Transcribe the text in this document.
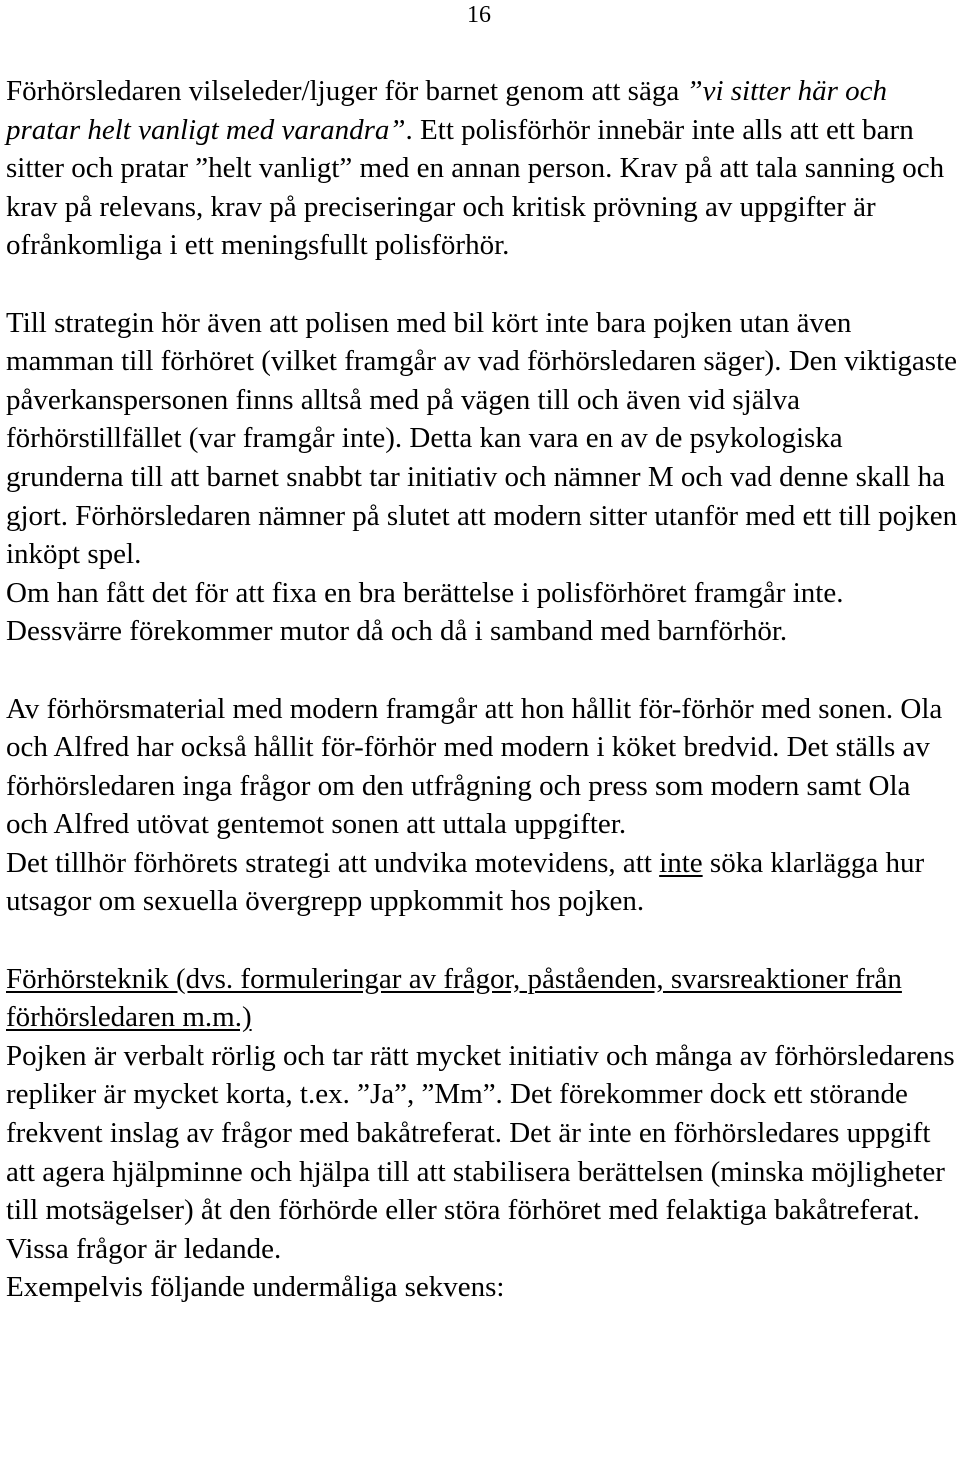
16

Förhörsledaren vilseleder/ljuger för barnet genom att säga ”vi sitter här och pratar helt vanligt med varandra”. Ett polisförhör innebär inte alls att ett barn sitter och pratar ”helt vanligt” med en annan person. Krav på att tala sanning och krav på relevans, krav på preciseringar och kritisk prövning av uppgifter är ofrånkomliga i ett meningsfullt polisförhör.

Till strategin hör även att polisen med bil kört inte bara pojken utan även mamman till förhöret (vilket framgår av vad förhörsledaren säger). Den viktigaste påverkanspersonen finns alltså med på vägen till och även vid själva förhörstillfället (var framgår inte). Detta kan vara en av de psykologiska grunderna till att barnet snabbt tar initiativ och nämner M och vad denne skall ha gjort. Förhörsledaren nämner på slutet att modern sitter utanför med ett till pojken inköpt spel.

Om han fått det för att fixa en bra berättelse i polisförhöret framgår inte. Dessvärre förekommer mutor då och då i samband med barnförhör.

Av förhörsmaterial med modern framgår att hon hållit för-förhör med sonen. Ola och Alfred har också hållit för-förhör med modern i köket bredvid. Det ställs av förhörsledaren inga frågor om den utfrågning och press som modern samt Ola och Alfred utövat gentemot sonen att uttala uppgifter.

Det tillhör förhörets strategi att undvika motevidens, att inte söka klarlägga hur utsagor om sexuella övergrepp uppkommit hos pojken.

Förhörsteknik (dvs. formuleringar av frågor, påståenden, svarsreaktioner från förhörsledaren m.m.)

Pojken är verbalt rörlig och tar rätt mycket initiativ och många av förhörsledarens repliker är mycket korta, t.ex. ”Ja”, ”Mm”. Det förekommer dock ett störande frekvent inslag av frågor med bakåtreferat. Det är inte en förhörsledares uppgift att agera hjälpminne och hjälpa till att stabilisera berättelsen (minska möjligheter till motsägelser) åt den förhörde eller störa förhöret med felaktiga bakåtreferat. Vissa frågor är ledande.

Exempelvis följande undermåliga sekvens:
